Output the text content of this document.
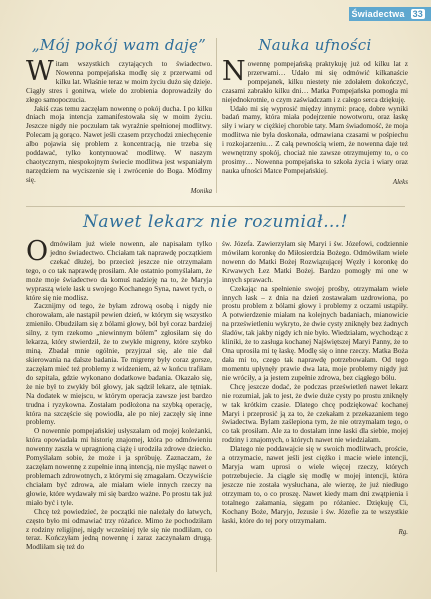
Świadectwa 33
„Mój pokój wam daję”

Witam wszystkich czytających to świadectwo. Nowenna pompejańska modlę się z przerwami od kilku lat. Właśnie teraz w moim życiu dużo się dzieje. Ciągły stres i gonitwa, wiele do zrobienia doprowadziły do złego samopoczucia.

Jakiś czas temu zaczęłam nowennę o pokój ducha. I po kilku dniach moja intencja zamanifestowała się w moim życiu. Jeszcze nigdy nie poczułam tak wyraźnie spełnionej modlitwy. Polecam ją gorąco. Nawet jeśli czasem przychodzi zniechęcenie albo pojawia się problem z koncentracją, nie trzeba się poddawać, tylko kontynuować modlitwę. W naszym chaotycznym, niespokojnym świecie modlitwa jest wspaniałym narzędziem na wyciszenie się i zwrócenie do Boga. Módlmy się.

Monika
Nauka ufności

Nowennę pompejańską praktykuję już od kilku lat z przerwami… Udało mi się odmówić kilkanaście pompejanek, kilku niestety nie zdołałem dokończyć, czasami zabrakło kilku dni… Matka Pompejańska pomogła mi niejednokrotnie, o czym zaświadczam i z całego serca dziękuję.

Udało mi się wyprosić między innymi: pracę, dobre wyniki badań mamy, która miała podejrzenie nowotworu, oraz łaskę siły i wiary w ciężkiej chorobie taty. Mam świadomość, że moja modlitwa nie była doskonała, odmawiana czasami w pośpiechu i rozkojarzeniu… Z całą pewnością wiem, że nowenna daje też wewnętrzny spokój, chociaż nie zawsze otrzymujemy to, o co prosimy… Nowenna pompejańska to szkoła życia i wiary oraz nauka ufności Matce Pompejańskiej.

Aleks
Nawet lekarz nie rozumiał…!

Odmówiłam już wiele nowenn, ale napisałam tylko jedno świadectwo. Chciałam tak naprawdę początkiem czekać dłużej, bo przecież jeszcze nie otrzymałam tego, o co tak naprawdę prosiłam. Ale ostatnio pomyślałam, że może moje świadectwo da komuś nadzieję na to, że Maryja wypraszą wiele łask u swojego Kochanego Syna, nawet tych, o które się nie modlisz.

Zacznijmy od tego, że byłam zdrową osobą i nigdy nie chorowałam, ale nastąpił pewien dzień, w którym się wszystko zmieniło. Obudziłam się z bólami głowy, ból był coraz bardziej silny, z tym rzekomo „niewinnym bólem” zgłosiłam się do lekarza, który stwierdził, że to zwykłe migreny, które szybko miną. Zbadał mnie ogólnie, przyjrzał się, ale nie dał skierowania na dalsze badania. Te migreny były coraz gorsze, zaczęłam mieć też problemy z widzeniem, aż w końcu trafiłam do szpitala, gdzie wykonano dodatkowe badania. Okazało się, że nie był to zwykły ból głowy, jak sądził lekarz, ale tętniak. Na dodatek w miejscu, w którym operacja zawsze jest bardzo trudna i ryzykowna. Zostałam podłożona na szybką operację, która na szczęście się powiodła, ale po niej zaczęły się inne problemy.

O nowennie pompejańskiej usłyszałam od mojej koleżanki, która opowiadała mi historię znajomej, która po odmówieniu nowenny zaszła w upragnioną ciążę i urodziła zdrowe dziecko. Pomyślałam sobie, że może i ja spróbuję. Zaznaczam, że zaczęłam nowennę z zupełnie inną intencją, nie myśląc nawet o problemach zdrowotnych, z którymi się zmagałam. Oczywiście chciałam być zdrowa, ale miałam wiele innych rzeczy na głowie, które wydawały mi się bardzo ważne. Po prostu tak już miało być i tyle.

Chcę też powiedzieć, że początki nie należały do łatwych, często było mi odmawiać trzy różańce. Mimo że pochodziłam z rodziny religijnej, nigdy wcześniej tyle się nie modliłam, co teraz. Kończyłam jedną nowennę i zaraz zaczynałam drugą. Modliłam się też do

św. Józefa. Zawierzyłam się Maryi i św. Józefowi, codziennie mówiłam koronkę do Miłosierdzia Bożego. Odmówiłam wiele nowenn do Matki Bożej Rozwiązującej Węzły i koronkę do Krwawych Łez Matki Bożej. Bardzo pomogły mi one w innych sprawach.

Czekając na spełnienie swojej prośby, otrzymałam wiele innych łask – z dnia na dzień zostawałam uzdrowiona, po prostu problem z bólami głowy i problemy z oczami ustąpiły. A potwierdzenie miałam na kolejnych badaniach, mianowicie na prześwietleniu wykryto, że dwie cysty zniknęły bez żadnych śladów, tak jakby nigdy ich nie było. Wiedziałam, wychodząc z kliniki, że to zasługa kochanej Najświętszej Maryi Panny, że to Ona uprosiła mi tę łaskę. Modlę się o inne rzeczy. Matka Boża dała mi to, czego tak naprawdę potrzebowałam. Od tego momentu upłynęły prawie dwa lata, moje problemy nigdy już nie wróciły, a ja jestem zupełnie zdrowa, bez ciągłego bólu.

Chcę jeszcze dodać, że podczas prześwietleń nawet lekarz nie rozumiał, jak to jest, że dwie duże cysty po prostu zniknęły w tak krótkim czasie. Dlatego chcę podziękować kochanej Maryi i przeprosić ją za to, że czekałam z przekazaniem tego świadectwa. Bylam zaślepiona tym, że nie otrzymałam tego, o co tak prosiłam. Ale za to dostałam inne łaski dla siebie, mojej rodziny i znajomych, o których nawet nie wiedziałam.

Dlatego nie poddawajcie się w swoich modlitwach, proście, a otrzymacie, nawet jeśli jest ciężko i macie wiele intencji, Maryja wam uprosi o wiele więcej rzeczy, których potrzebujecie. Ja ciągle się modlę w mojej intencji, która jeszcze nie została wysłuchana, ale wierzę, że już niedługo otrzymam to, o co proszę. Nawet kiedy mam dni zwątpienia i totalnego załamania, sięgam po różaniec. Dziękuję Ci, Kochany Boże, Maryjo, Jezusie i św. Józefie za te wszystkie łaski, które do tej pory otrzymałam.

Rg.
